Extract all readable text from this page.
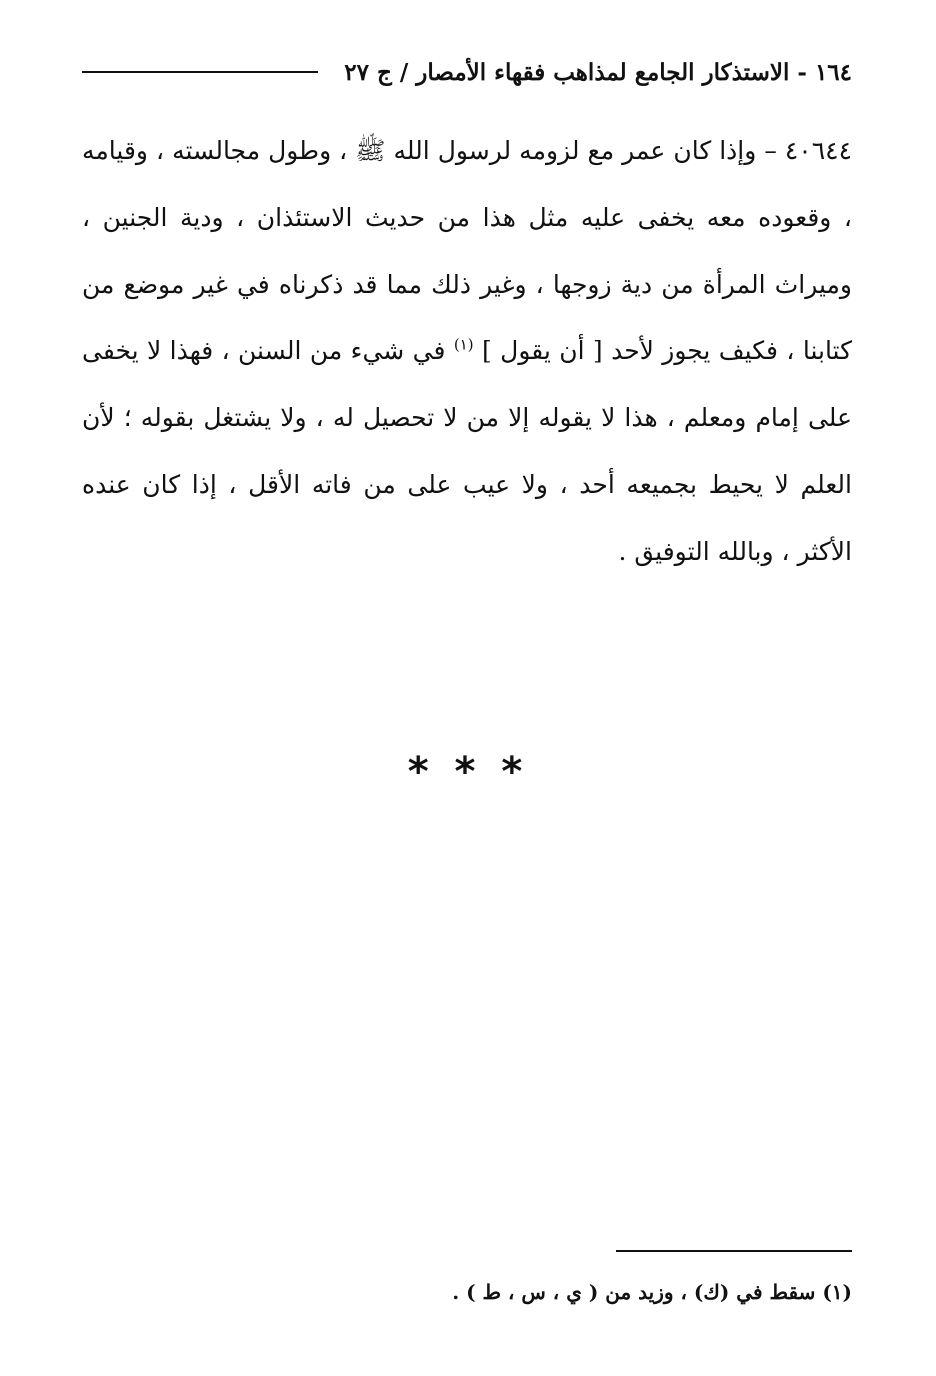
١٦٤ - الاستذكار الجامع لمذاهب فقهاء الأمصار / ج ٢٧

٤٠٦٤٤ – وإذا كان عمر مع لزومه لرسول الله ﷺ ، وطول مجالسته ، وقيامه ، وقعوده معه يخفى عليه مثل هذا من حديث الاستئذان ، ودية الجنين ، وميراث المرأة من دية زوجها ، وغير ذلك مما قد ذكرناه في غير موضع من كتابنا ، فكيف يجوز لأحد [ أن يقول ] $^{(١)}$ في شيء من السنن ، فهذا لا يخفى على إمام ومعلم ، هذا لا يقوله إلا من لا تحصيل له ، ولا يشتغل بقوله ؛ لأن العلم لا يحيط بجميعه أحد ، ولا عيب على من فاته الأقل ، إذا كان عنده الأكثر ، وبالله التوفيق .

* * *

(١) سقط في (ك) ، وزيد من ( ي ، س ، ط ) .
